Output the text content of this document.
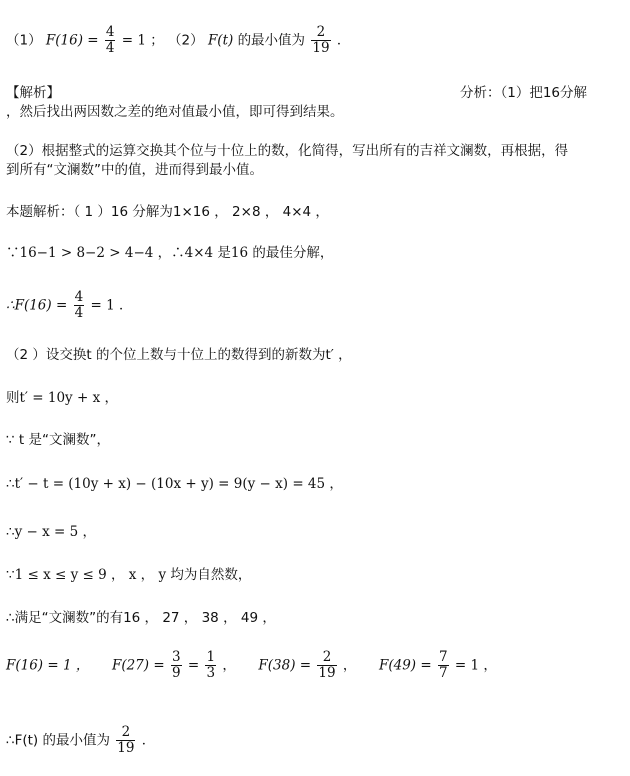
（1） $F(16) = \frac{4}{4} = 1$ ； （2） F(t) 的最小值为 $\frac{2}{19}$ ．
【解析】	分析：（1）把16分解
，然后找出两因数之差的绝对值最小值，即可得到结果。
（2）根据整式的运算交换其个位与十位上的数，化简得，写出所有的吉祥文澜数，再根据，得
到所有“文澜数”中的值，进而得到最小值。
本题解析：（ 1 ）16 分解为1×16 ， 2×8 ， 4×4 ，
∵16−1 > 8−2 > 4−4 ，∴4×4 是16 的最佳分解，
∴F(16) = $\frac{4}{4} = 1$ ．
（2 ）设交换t 的个位上数与十位上的数得到的新数为t′ ，
则t′ = 10y + x ，
∵ t 是“文澜数”，
∴t′ − t = (10y + x) − (10x + y) = 9(y − x) = 45 ，
∴y − x = 5 ，
∵1 ≤ x ≤ y ≤ 9 ， x ， y 均为自然数，
∴满足“文澜数”的有16 ， 27 ， 38 ， 49 ，
F(16) = 1 ， $F(27) = \frac{3}{9} = \frac{1}{3}$ ， $F(38) = \frac{2}{19}$ ， $F(49) = \frac{7}{7} = 1$ ，
∴F(t) 的最小值为 $\frac{2}{19}$ ．
